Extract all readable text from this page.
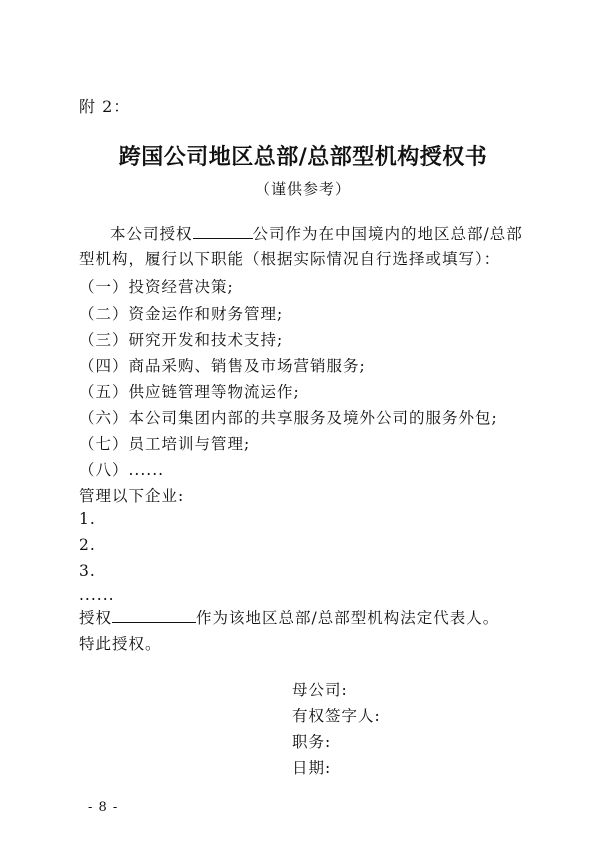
附 2：
跨国公司地区总部/总部型机构授权书
（谨供参考）
本公司授权	公司作为在中国境内的地区总部/总部型机构，履行以下职能（根据实际情况自行选择或填写）：
（一）投资经营决策;
（二）资金运作和财务管理;
（三）研究开发和技术支持;
（四）商品采购、销售及市场营销服务;
（五）供应链管理等物流运作;
（六）本公司集团内部的共享服务及境外公司的服务外包;
（七）员工培训与管理;
（八）......
管理以下企业:
1.
2.
3.
......
授权	作为该地区总部/总部型机构法定代表人。
特此授权。
母公司:
有权签字人:
职务:
日期:
- 8 -
